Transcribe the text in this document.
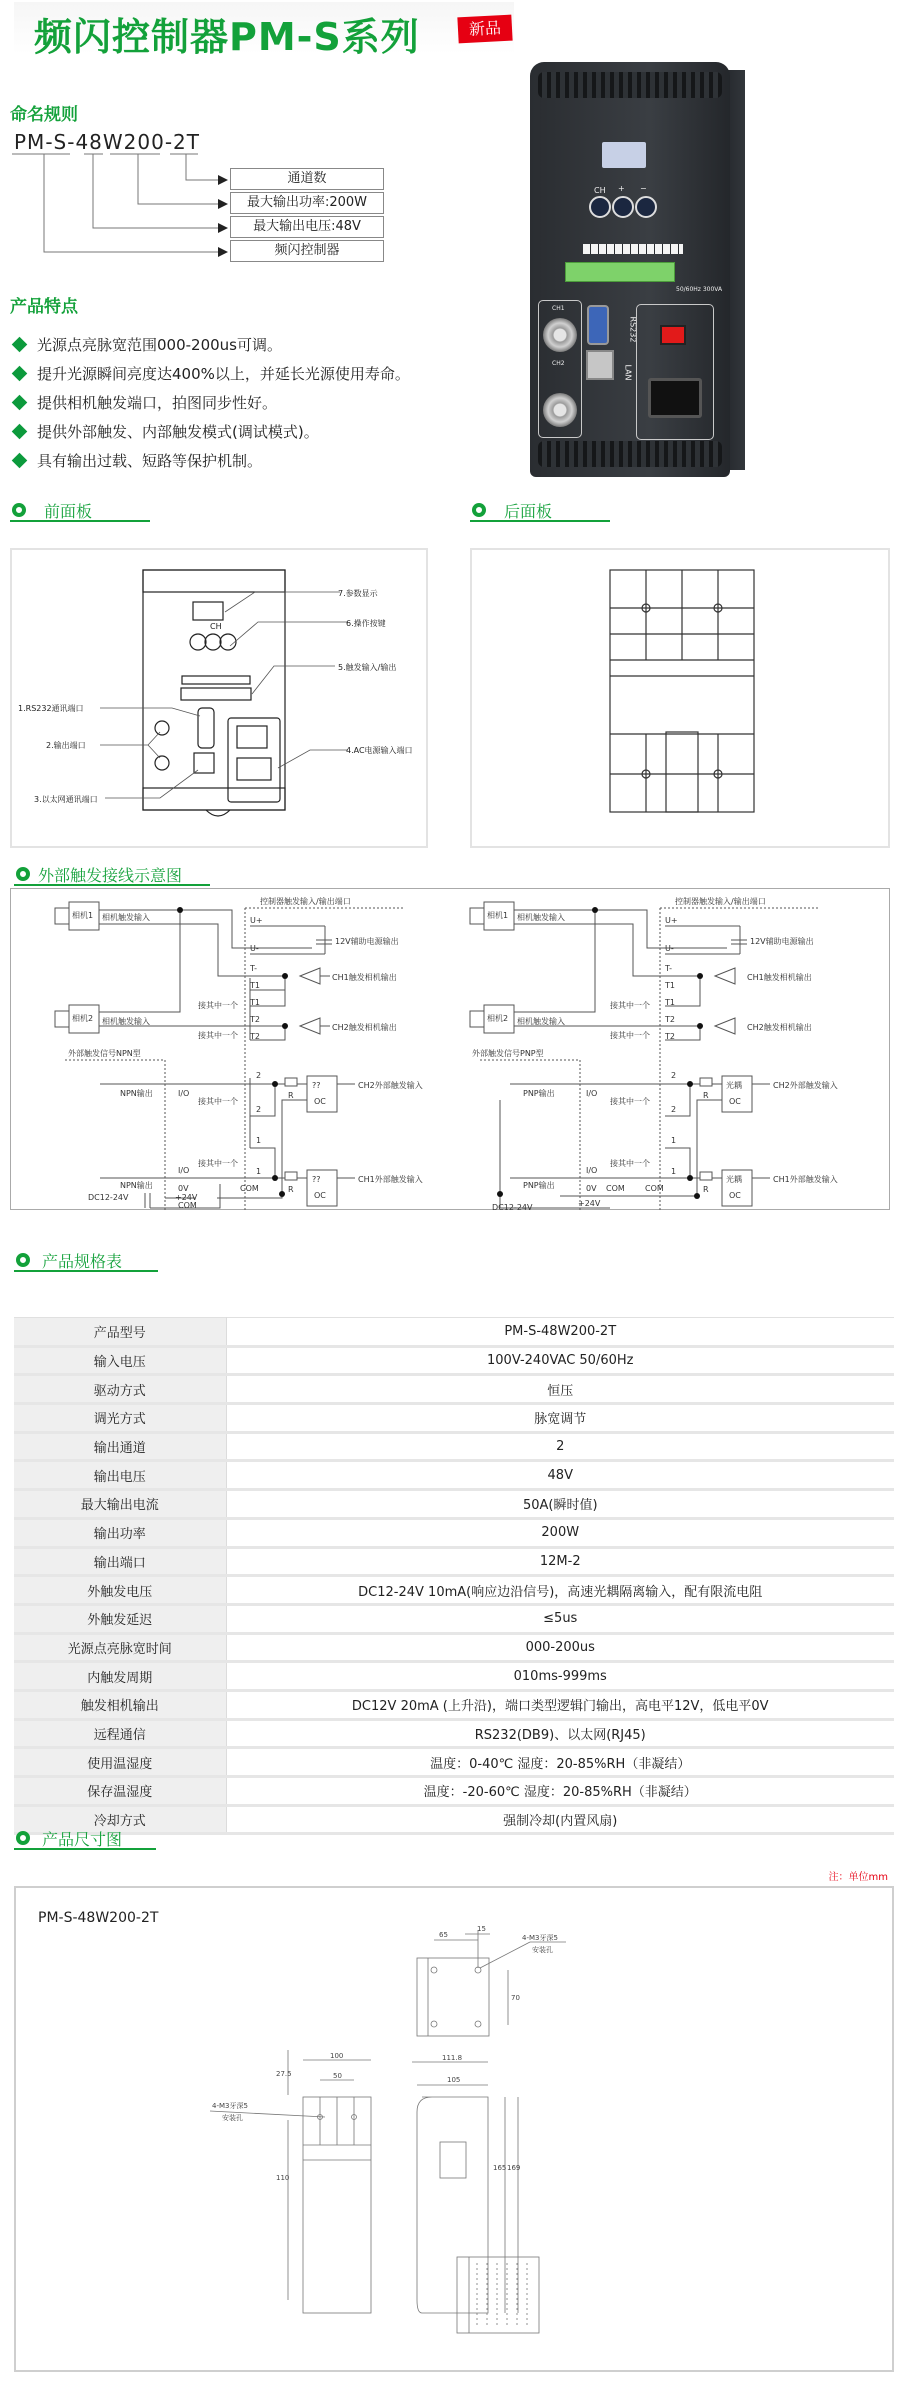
频闪控制器PM-S系列	新品
命名规则
PM-S-48W200-2T
通道数
最大输出功率:200W
最大输出电压:48V
频闪控制器
产品特点
光源点亮脉宽范围000-200us可调。
提升光源瞬间亮度达400%以上，并延长光源使用寿命。
提供相机触发端口，拍图同步性好。
提供外部触发、内部触发模式(调试模式)。
具有输出过载、短路等保护机制。
CH + −
50/60Hz 300VA
CH1
CH2
RS232
LAN
前面板	后面板
CH
7.参数显示
6.操作按键
5.触发输入/输出
1.RS232通讯端口
2.输出端口
4.AC电源输入端口
3.以太网通讯端口
外部触发接线示意图
相机1 相机触发输入
相机2 相机触发输入
控制器触发输入/输出端口
12V辅助电源输出
U+
U-
T-
T1
T1
T2
T2
接其中一个
接其中一个
CH1触发相机输出
CH2触发相机输出
外部触发信号NPN型
NPN输出
NPN输出
I/O
I/O
0V	COM
COM
+24V
DC12-24V
2
2
1
1
接其中一个
接其中一个
R
R
??
??
OC
OC
CH2外部触发输入
CH1外部触发输入
相机1 相机触发输入
相机2 相机触发输入
控制器触发输入/输出端口
12V辅助电源输出
U+
U-
T-
T1
T1
T2
T2
接其中一个
接其中一个
CH1触发相机输出
CH2触发相机输出
外部触发信号PNP型
PNP输出
PNP输出
I/O
I/O
0V COM	COM
+24V
DC12-24V
2
2
1
1
接其中一个
接其中一个
R
R
光耦
光耦
OC
OC
CH2外部触发输入
CH1外部触发输入
产品规格表
产品型号	PM-S-48W200-2T
输入电压	100V-240VAC 50/60Hz
驱动方式	恒压
调光方式	脉宽调节
输出通道	2
输出电压	48V
最大输出电流	50A(瞬时值)
输出功率	200W
输出端口	12M-2
外触发电压	DC12-24V 10mA(响应边沿信号)，高速光耦隔离输入，配有限流电阻
外触发延迟	≤5us
光源点亮脉宽时间	000-200us
内触发周期	010ms-999ms
触发相机输出	DC12V 20mA (上升沿)，端口类型逻辑门输出，高电平12V，低电平0V
远程通信	RS232(DB9)、以太网(RJ45)
使用温湿度	温度：0-40℃ 湿度：20-85%RH（非凝结）
保存温湿度	温度：-20-60℃ 湿度：20-85%RH（非凝结）
冷却方式	强制冷却(内置风扇)
产品尺寸图
注：单位mm
PM-S-48W200-2T
65
15
70
4-M3牙深5
安装孔
100
50
27.5
110
4-M3牙深5
安装孔
111.8
105
165 169
